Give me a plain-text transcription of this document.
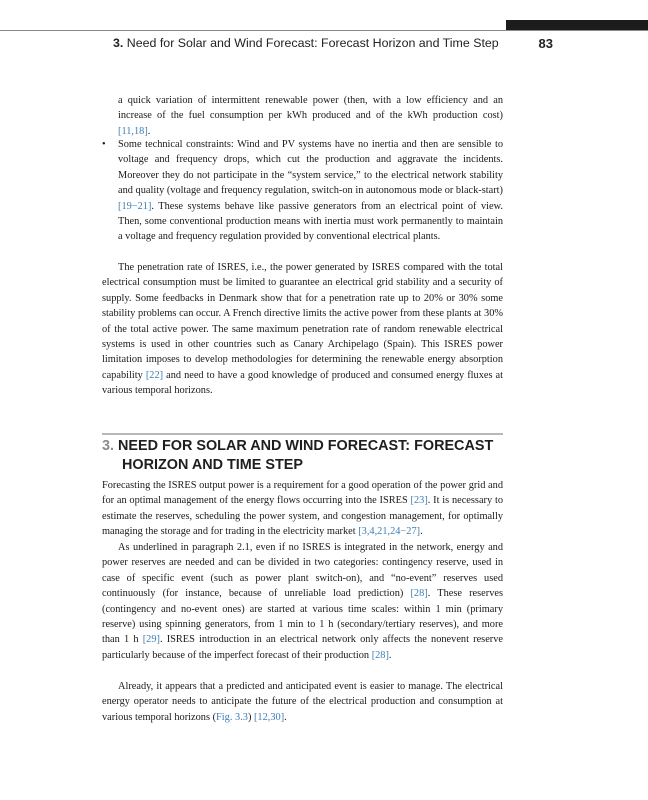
3. Need for Solar and Wind Forecast: Forecast Horizon and Time Step	83
a quick variation of intermittent renewable power (then, with a low efficiency and an increase of the fuel consumption per kWh produced and of the kWh production cost) [11,18].
• Some technical constraints: Wind and PV systems have no inertia and then are sensible to voltage and frequency drops, which cut the production and aggravate the incidents. Moreover they do not participate in the “system service,” to the electrical network stability and quality (voltage and frequency regulation, switch-on in autonomous mode or black-start) [19−21]. These systems behave like passive generators from an electrical point of view. Then, some conventional production means with inertia must work permanently to maintain a voltage and frequency regulation provided by conventional electrical plants.
The penetration rate of ISRES, i.e., the power generated by ISRES compared with the total electrical consumption must be limited to guarantee an electrical grid stability and a security of supply. Some feedbacks in Denmark show that for a penetration rate up to 20% or 30% some stability problems can occur. A French directive limits the active power from these plants at 30% of the total active power. The same maximum penetration rate of random renewable electrical systems is used in other countries such as Canary Archipelago (Spain). This ISRES power limitation imposes to develop methodologies for determining the renewable energy absorption capability [22] and need to have a good knowledge of produced and consumed energy fluxes at various temporal horizons.
3. NEED FOR SOLAR AND WIND FORECAST: FORECAST
HORIZON AND TIME STEP
Forecasting the ISRES output power is a requirement for a good operation of the power grid and for an optimal management of the energy flows occurring into the ISRES [23]. It is necessary to estimate the reserves, scheduling the power system, and congestion management, for optimally managing the storage and for trading in the electricity market [3,4,21,24−27].
As underlined in paragraph 2.1, even if no ISRES is integrated in the network, energy and power reserves are needed and can be divided in two categories: contingency reserve, used in case of specific event (such as power plant switch-on), and “no-event” reserves used continuously (for instance, because of unreliable load prediction) [28]. These reserves (contingency and no-event ones) are started at various time scales: within 1 min (primary reserve) using spinning generators, from 1 min to 1 h (secondary/tertiary reserves), and more than 1 h [29]. ISRES introduction in an electrical network only affects the nonevent reserve particularly because of the imperfect forecast of their production [28].
Already, it appears that a predicted and anticipated event is easier to manage. The electrical energy operator needs to anticipate the future of the electrical production and consumption at various temporal horizons (Fig. 3.3) [12,30].
